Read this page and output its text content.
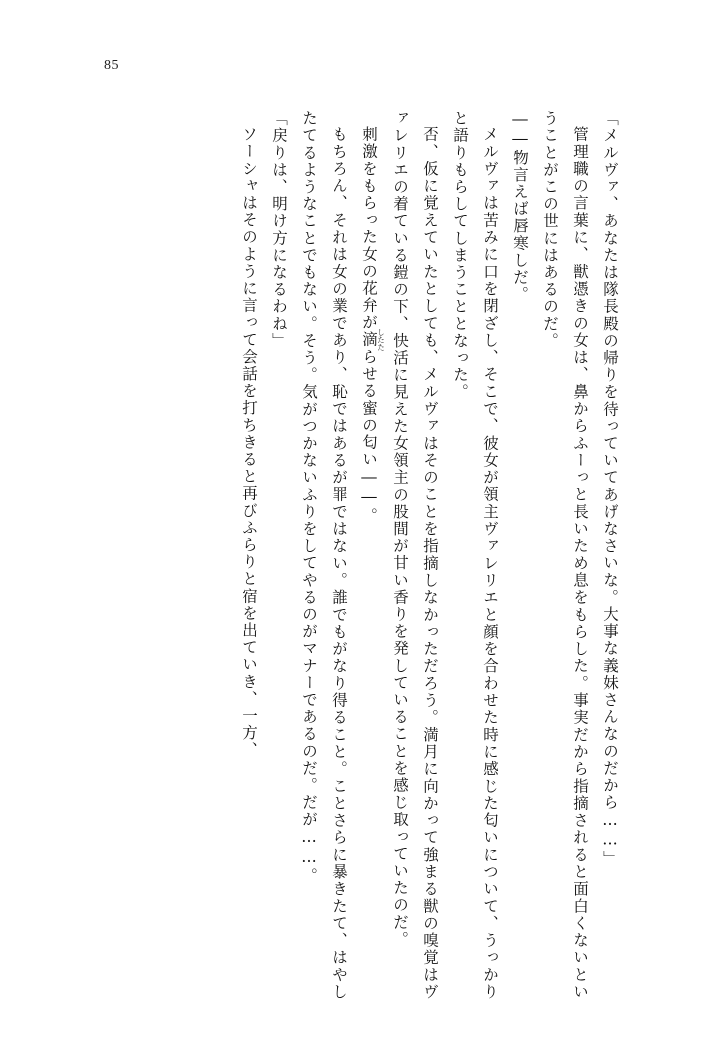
85

「メルヴァ、あなたは隊長殿の帰りを待っていてあげなさいな。大事な義妹さんなのだから……」

管理職の言葉に、獣憑きの女は、鼻からふーっと長いため息をもらした。事実だから指摘されると面白くないということがこの世にはあるのだ。

――物言えば唇寒しだ。

メルヴァは苦みに口を閉ざし、そこで、彼女が領主ヴァレリエと顔を合わせた時に感じた匂いについて、うっかりと語りもらしてしまうこととなった。

否、仮に覚えていたとしても、メルヴァはそのことを指摘しなかっただろう。満月に向かって強まる獣の嗅覚はヴァレリエの着ている鎧の下、快活に見えた女領主の股間が甘い香りを発していることを感じ取っていたのだ。

刺激をもらった女の花弁が滴したたらせる蜜の匂い――。

もちろん、それは女の業であり、恥ではあるが罪ではない。誰でもがなり得ること。ことさらに暴きたて、はやしたてるようなことでもない。そう。気がつかないふりをしてやるのがマナーであるのだ。だが……。

「戻りは、明け方になるわね」

ソーシャはそのように言って会話を打ちきると再びふらりと宿を出ていき、一方、
